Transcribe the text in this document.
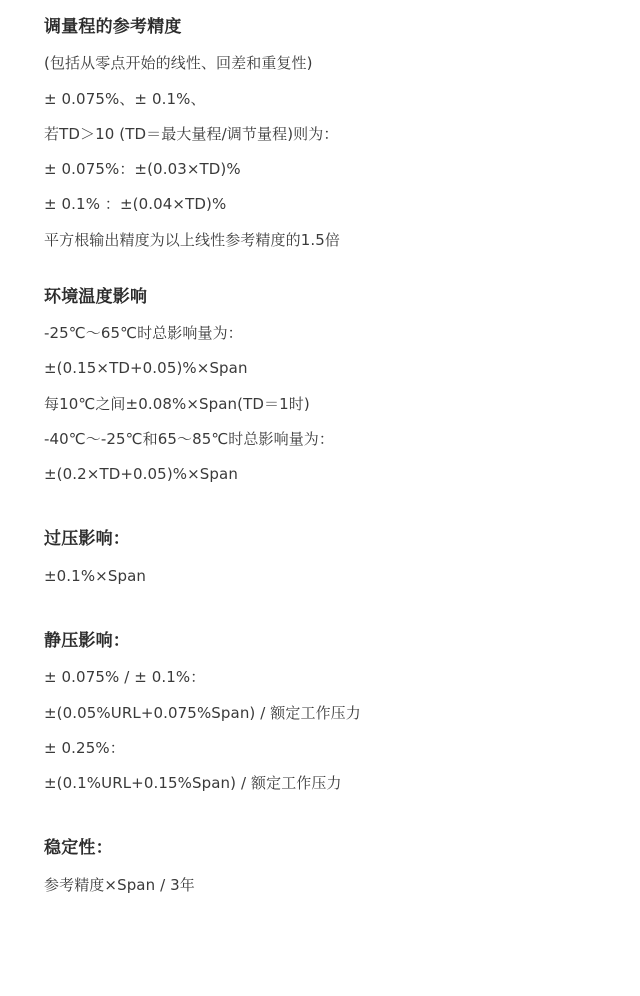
调量程的参考精度

(包括从零点开始的线性、回差和重复性)

± 0.075%、± 0.1%、

若TD＞10 (TD＝最大量程/调节量程)则为：

± 0.075%：±(0.03×TD)%

± 0.1% ：±(0.04×TD)%

平方根输出精度为以上线性参考精度的1.5倍

环境温度影响

-25℃～65℃时总影响量为：

±(0.15×TD+0.05)%×Span

每10℃之间±0.08%×Span(TD＝1时)

-40℃～-25℃和65～85℃时总影响量为：

±(0.2×TD+0.05)%×Span

过压影响：

±0.1%×Span

静压影响：

± 0.075% / ± 0.1%：

±(0.05%URL+0.075%Span) / 额定工作压力

± 0.25%：

±(0.1%URL+0.15%Span) / 额定工作压力

稳定性：

参考精度×Span / 3年
